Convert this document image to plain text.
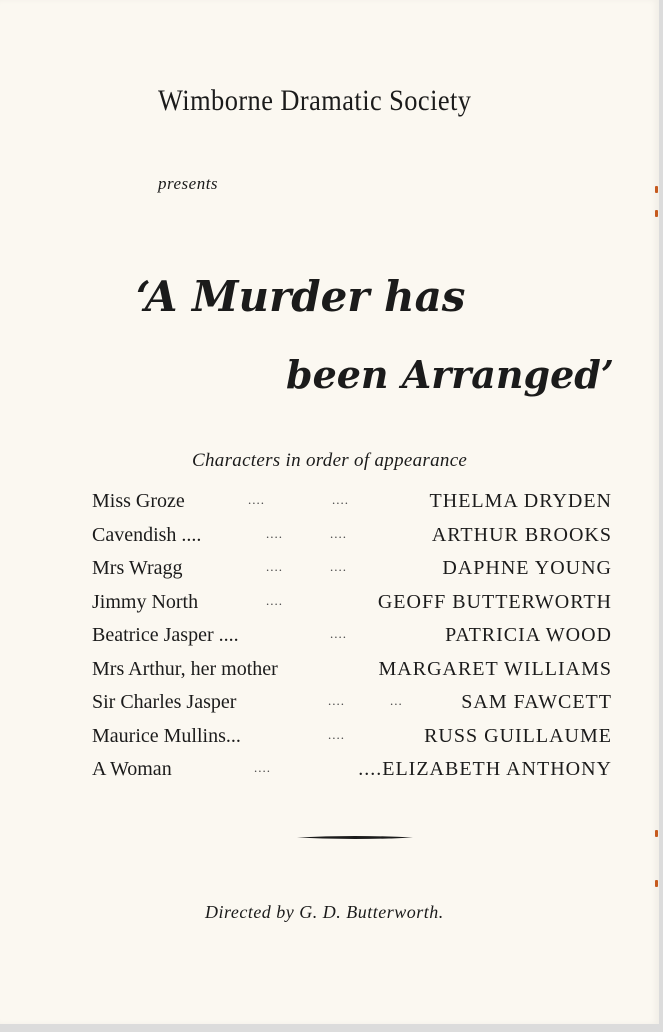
Wimborne Dramatic Society
presents
‘A Murder has
been Arranged’
Characters in order of appearance
Miss Groze	....	....	THELMA DRYDEN
Cavendish ....	....	....	ARTHUR BROOKS
Mrs Wragg	....	....	DAPHNE YOUNG
Jimmy North	....	GEOFF BUTTERWORTH
Beatrice Jasper ....	....	PATRICIA WOOD
Mrs Arthur, her mother	MARGARET WILLIAMS
Sir Charles Jasper	....	...	SAM FAWCETT
Maurice Mullins...	....	RUSS GUILLAUME
A Woman	....	....ELIZABETH ANTHONY
Directed by G. D. Butterworth.
